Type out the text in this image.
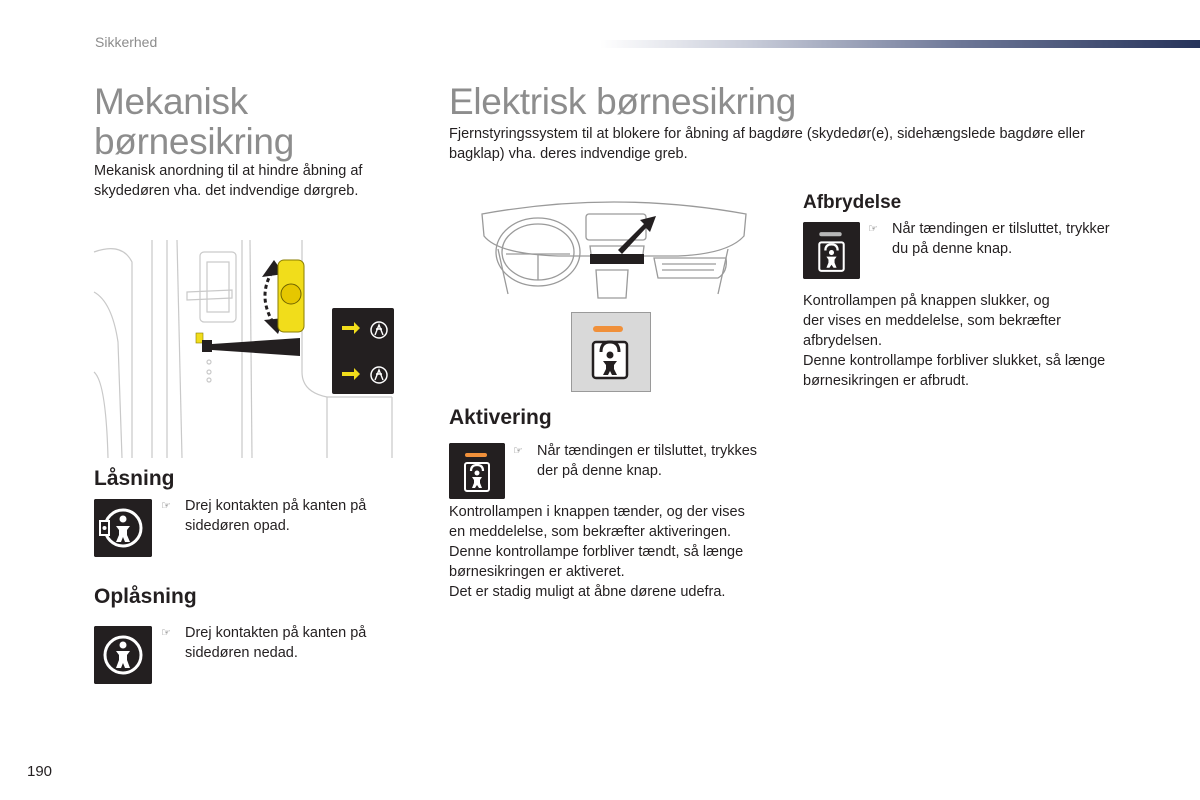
Sikkerhed
Mekanisk
børnesikring
Mekanisk anordning til at hindre åbning af
skydedøren vha. det indvendige dørgreb.
Låsning
☞ Drej kontakten på kanten på
sidedøren opad.
Oplåsning
☞ Drej kontakten på kanten på
sidedøren nedad.
Elektrisk børnesikring
Fjernstyringssystem til at blokere for åbning af bagdøre (skydedør(e), sidehængslede bagdøre eller
bagklap) vha. deres indvendige greb.
Aktivering
☞ Når tændingen er tilsluttet, trykkes
der på denne knap.
Kontrollampen i knappen tænder, og der vises
en meddelelse, som bekræfter aktiveringen.
Denne kontrollampe forbliver tændt, så længe
børnesikringen er aktiveret.
Det er stadig muligt at åbne dørene udefra.
Afbrydelse
☞ Når tændingen er tilsluttet, trykker
du på denne knap.
Kontrollampen på knappen slukker, og
der vises en meddelelse, som bekræfter
afbrydelsen.
Denne kontrollampe forbliver slukket, så længe
børnesikringen er afbrudt.
190
